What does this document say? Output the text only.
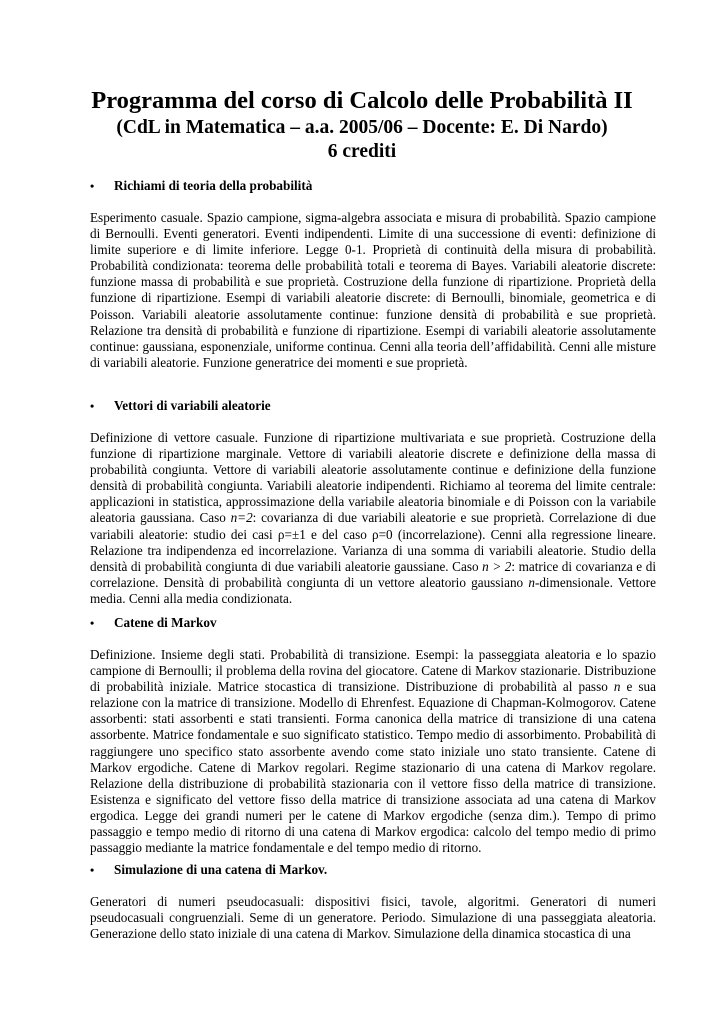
Programma del corso di Calcolo delle Probabilità II
(CdL in Matematica – a.a. 2005/06 – Docente: E. Di Nardo)
6 crediti
•	Richiami di teoria della probabilità
Esperimento casuale. Spazio campione, sigma-algebra associata e misura di probabilità. Spazio campione di Bernoulli. Eventi generatori. Eventi indipendenti. Limite di una successione di eventi: definizione di limite superiore e di limite inferiore. Legge 0-1. Proprietà di continuità della misura di probabilità. Probabilità condizionata: teorema delle probabilità totali e teorema di Bayes. Variabili aleatorie discrete: funzione massa di probabilità e sue proprietà. Costruzione della funzione di ripartizione. Proprietà della funzione di ripartizione. Esempi di variabili aleatorie discrete: di Bernoulli, binomiale, geometrica e di Poisson. Variabili aleatorie assolutamente continue: funzione densità di probabilità e sue proprietà. Relazione tra densità di probabilità e funzione di ripartizione. Esempi di variabili aleatorie assolutamente continue: gaussiana, esponenziale, uniforme continua. Cenni alla teoria dell’affidabilità. Cenni alle misture di variabili aleatorie. Funzione generatrice dei momenti e sue proprietà.
•	Vettori di variabili aleatorie
Definizione di vettore casuale. Funzione di ripartizione multivariata e sue proprietà. Costruzione della funzione di ripartizione marginale. Vettore di variabili aleatorie discrete e definizione della massa di probabilità congiunta. Vettore di variabili aleatorie assolutamente continue e definizione della funzione densità di probabilità congiunta. Variabili aleatorie indipendenti. Richiamo al teorema del limite centrale: applicazioni in statistica, approssimazione della variabile aleatoria binomiale e di Poisson con la variabile aleatoria gaussiana. Caso n=2: covarianza di due variabili aleatorie e sue proprietà. Correlazione di due variabili aleatorie: studio dei casi ρ=±1 e del caso ρ=0 (incorrelazione). Cenni alla regressione lineare. Relazione tra indipendenza ed incorrelazione. Varianza di una somma di variabili aleatorie. Studio della densità di probabilità congiunta di due variabili aleatorie gaussiane. Caso n > 2: matrice di covarianza e di correlazione. Densità di probabilità congiunta di un vettore aleatorio gaussiano n-dimensionale. Vettore media. Cenni alla media condizionata.
•	Catene di Markov
Definizione. Insieme degli stati. Probabilità di transizione. Esempi: la passeggiata aleatoria e lo spazio campione di Bernoulli; il problema della rovina del giocatore. Catene di Markov stazionarie. Distribuzione di probabilità iniziale. Matrice stocastica di transizione. Distribuzione di probabilità al passo n e sua relazione con la matrice di transizione. Modello di Ehrenfest. Equazione di Chapman-Kolmogorov. Catene assorbenti: stati assorbenti e stati transienti. Forma canonica della matrice di transizione di una catena assorbente. Matrice fondamentale e suo significato statistico. Tempo medio di assorbimento. Probabilità di raggiungere uno specifico stato assorbente avendo come stato iniziale uno stato transiente. Catene di Markov ergodiche. Catene di Markov regolari. Regime stazionario di una catena di Markov regolare. Relazione della distribuzione di probabilità stazionaria con il vettore fisso della matrice di transizione. Esistenza e significato del vettore fisso della matrice di transizione associata ad una catena di Markov ergodica. Legge dei grandi numeri per le catene di Markov ergodiche (senza dim.). Tempo di primo passaggio e tempo medio di ritorno di una catena di Markov ergodica: calcolo del tempo medio di primo passaggio mediante la matrice fondamentale e del tempo medio di ritorno.
•	Simulazione di una catena di Markov.
Generatori di numeri pseudocasuali: dispositivi fisici, tavole, algoritmi. Generatori di numeri pseudocasuali congruenziali. Seme di un generatore. Periodo. Simulazione di una passeggiata aleatoria. Generazione dello stato iniziale di una catena di Markov. Simulazione della dinamica stocastica di una
